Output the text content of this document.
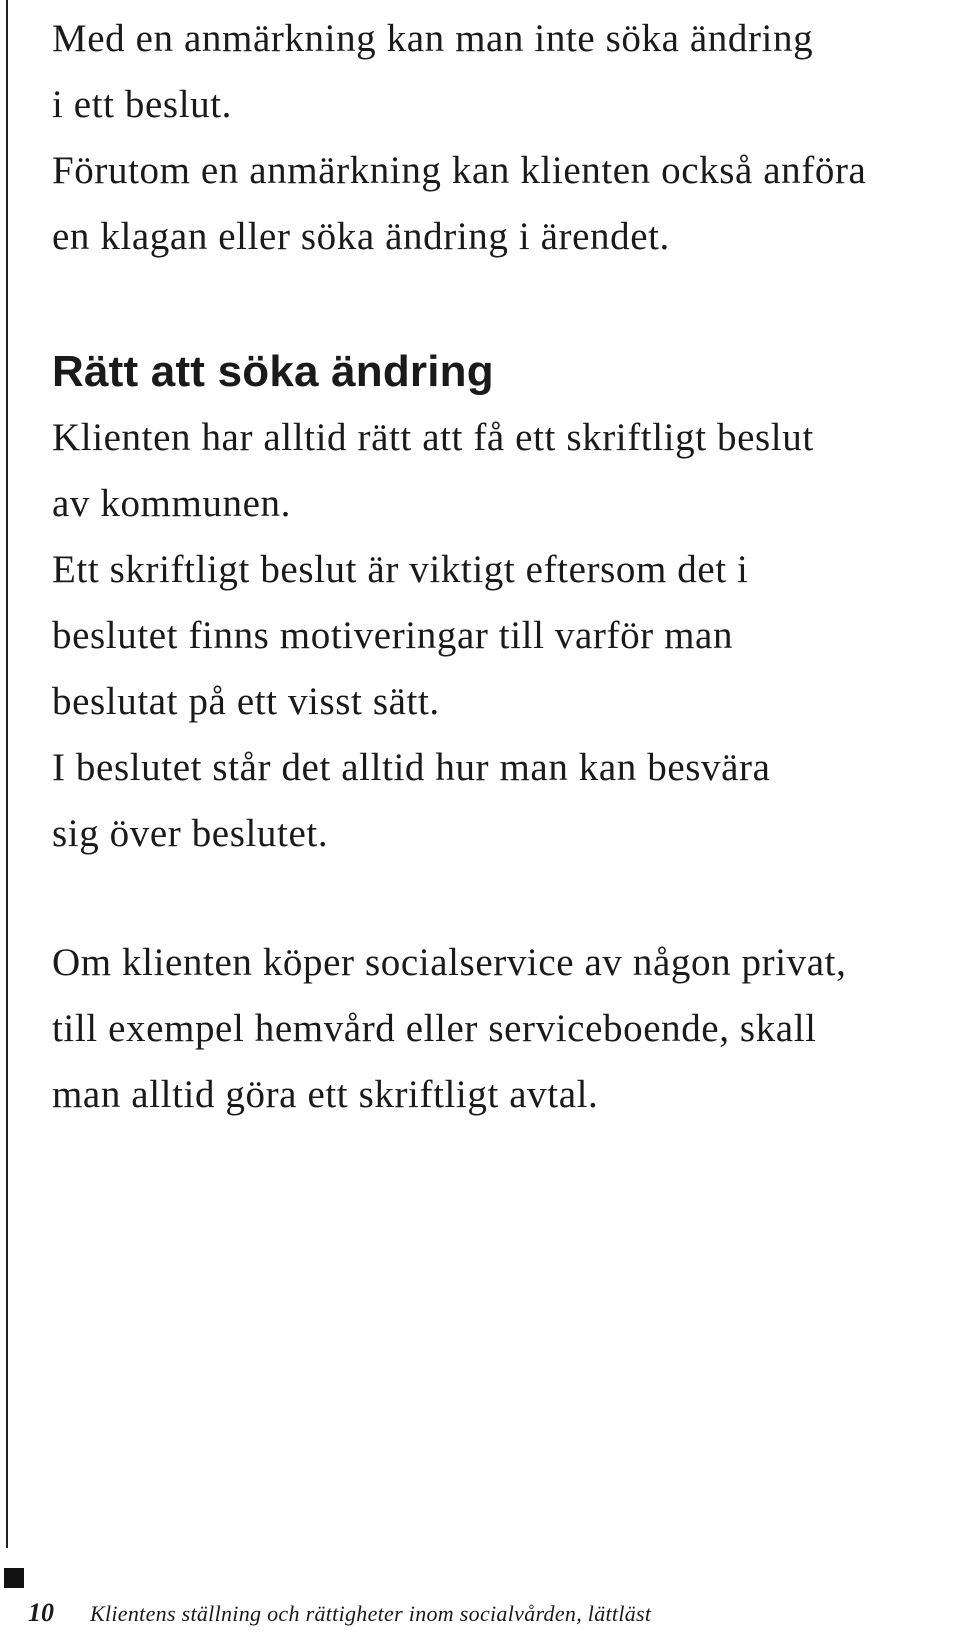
Med en anmärkning kan man inte söka ändring

i ett beslut.

Förutom en anmärkning kan klienten också anföra

en klagan eller söka ändring i ärendet.

Rätt att söka ändring

Klienten har alltid rätt att få ett skriftligt beslut

av kommunen.

Ett skriftligt beslut är viktigt eftersom det i

beslutet finns motiveringar till varför man

beslutat på ett visst sätt.

I beslutet står det alltid hur man kan besvära

sig över beslutet.

Om klienten köper socialservice av någon privat,

till exempel hemvård eller serviceboende, skall

man alltid göra ett skriftligt avtal.

10 Klientens ställning och rättigheter inom socialvården, lättläst
